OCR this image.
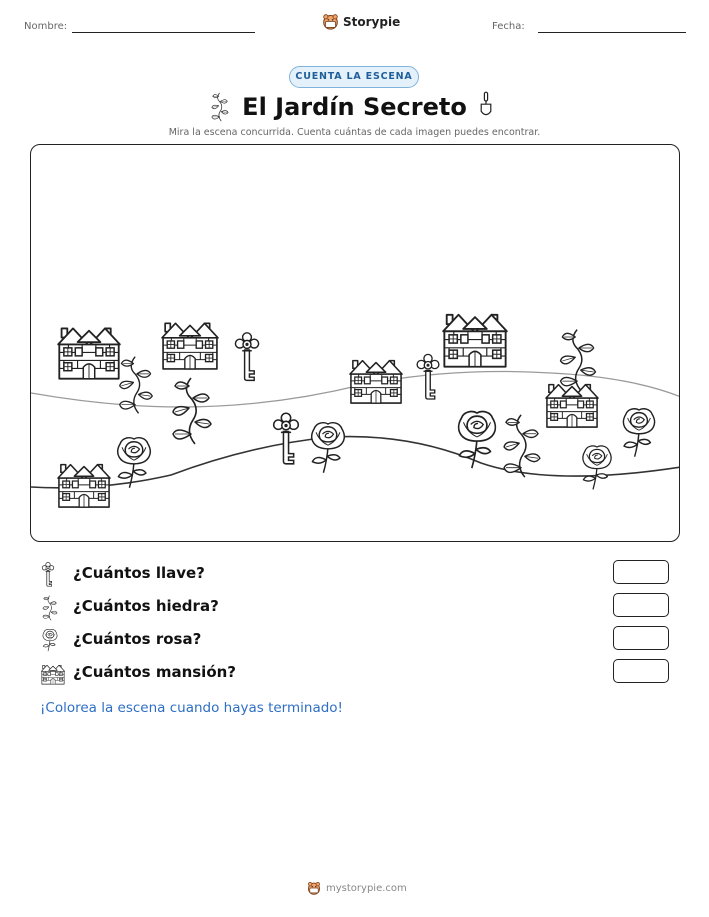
Nombre:	Storypie	Fecha:
CUENTA LA ESCENA
El Jardín Secreto
Mira la escena concurrida. Cuenta cuántas de cada imagen puedes encontrar.
¿Cuántos llave?
¿Cuántos hiedra?
¿Cuántos rosa?
¿Cuántos mansión?
¡Colorea la escena cuando hayas terminado!
mystorypie.com
